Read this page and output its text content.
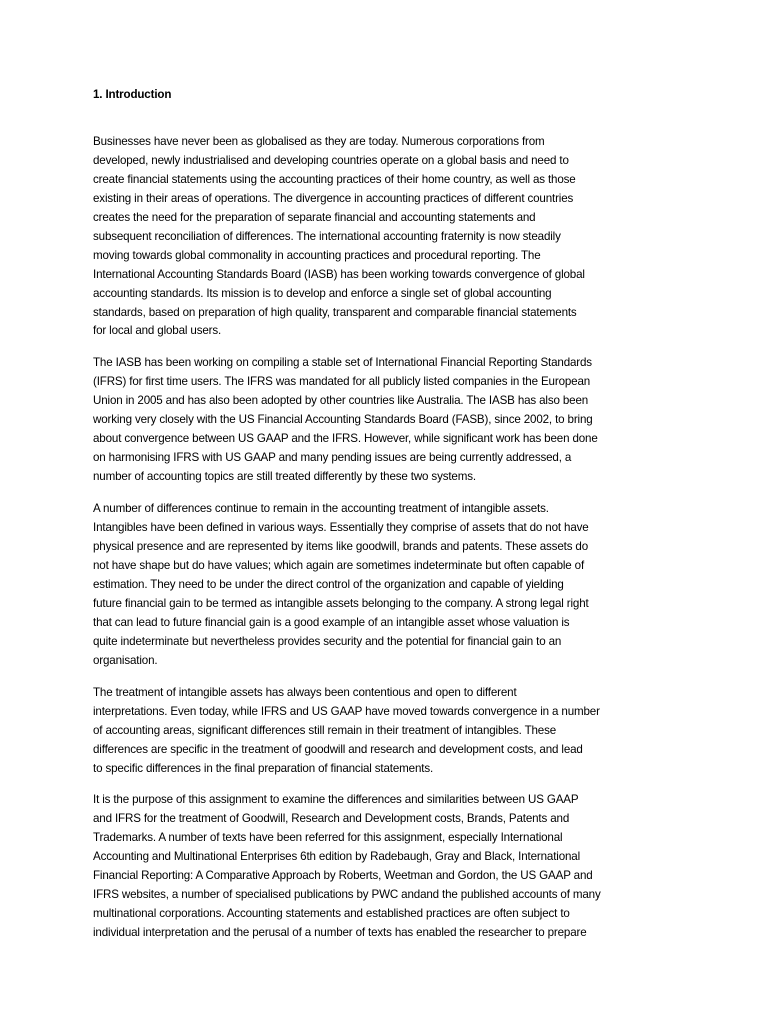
1. Introduction
Businesses have never been as globalised as they are today. Numerous corporations from
developed, newly industrialised and developing countries operate on a global basis and need to
create financial statements using the accounting practices of their home country, as well as those
existing in their areas of operations. The divergence in accounting practices of different countries
creates the need for the preparation of separate financial and accounting statements and
subsequent reconciliation of differences. The international accounting fraternity is now steadily
moving towards global commonality in accounting practices and procedural reporting. The
International Accounting Standards Board (IASB) has been working towards convergence of global
accounting standards. Its mission is to develop and enforce a single set of global accounting
standards, based on preparation of high quality, transparent and comparable financial statements
for local and global users.
The IASB has been working on compiling a stable set of International Financial Reporting Standards
(IFRS) for first time users. The IFRS was mandated for all publicly listed companies in the European
Union in 2005 and has also been adopted by other countries like Australia. The IASB has also been
working very closely with the US Financial Accounting Standards Board (FASB), since 2002, to bring
about convergence between US GAAP and the IFRS. However, while significant work has been done
on harmonising IFRS with US GAAP and many pending issues are being currently addressed, a
number of accounting topics are still treated differently by these two systems.
A number of differences continue to remain in the accounting treatment of intangible assets.
Intangibles have been defined in various ways. Essentially they comprise of assets that do not have
physical presence and are represented by items like goodwill, brands and patents. These assets do
not have shape but do have values; which again are sometimes indeterminate but often capable of
estimation. They need to be under the direct control of the organization and capable of yielding
future financial gain to be termed as intangible assets belonging to the company. A strong legal right
that can lead to future financial gain is a good example of an intangible asset whose valuation is
quite indeterminate but nevertheless provides security and the potential for financial gain to an
organisation.
The treatment of intangible assets has always been contentious and open to different
interpretations. Even today, while IFRS and US GAAP have moved towards convergence in a number
of accounting areas, significant differences still remain in their treatment of intangibles. These
differences are specific in the treatment of goodwill and research and development costs, and lead
to specific differences in the final preparation of financial statements.
It is the purpose of this assignment to examine the differences and similarities between US GAAP
and IFRS for the treatment of Goodwill, Research and Development costs, Brands, Patents and
Trademarks. A number of texts have been referred for this assignment, especially International
Accounting and Multinational Enterprises 6th edition by Radebaugh, Gray and Black, International
Financial Reporting: A Comparative Approach by Roberts, Weetman and Gordon, the US GAAP and
IFRS websites, a number of specialised publications by PWC andand the published accounts of many
multinational corporations. Accounting statements and established practices are often subject to
individual interpretation and the perusal of a number of texts has enabled the researcher to prepare
